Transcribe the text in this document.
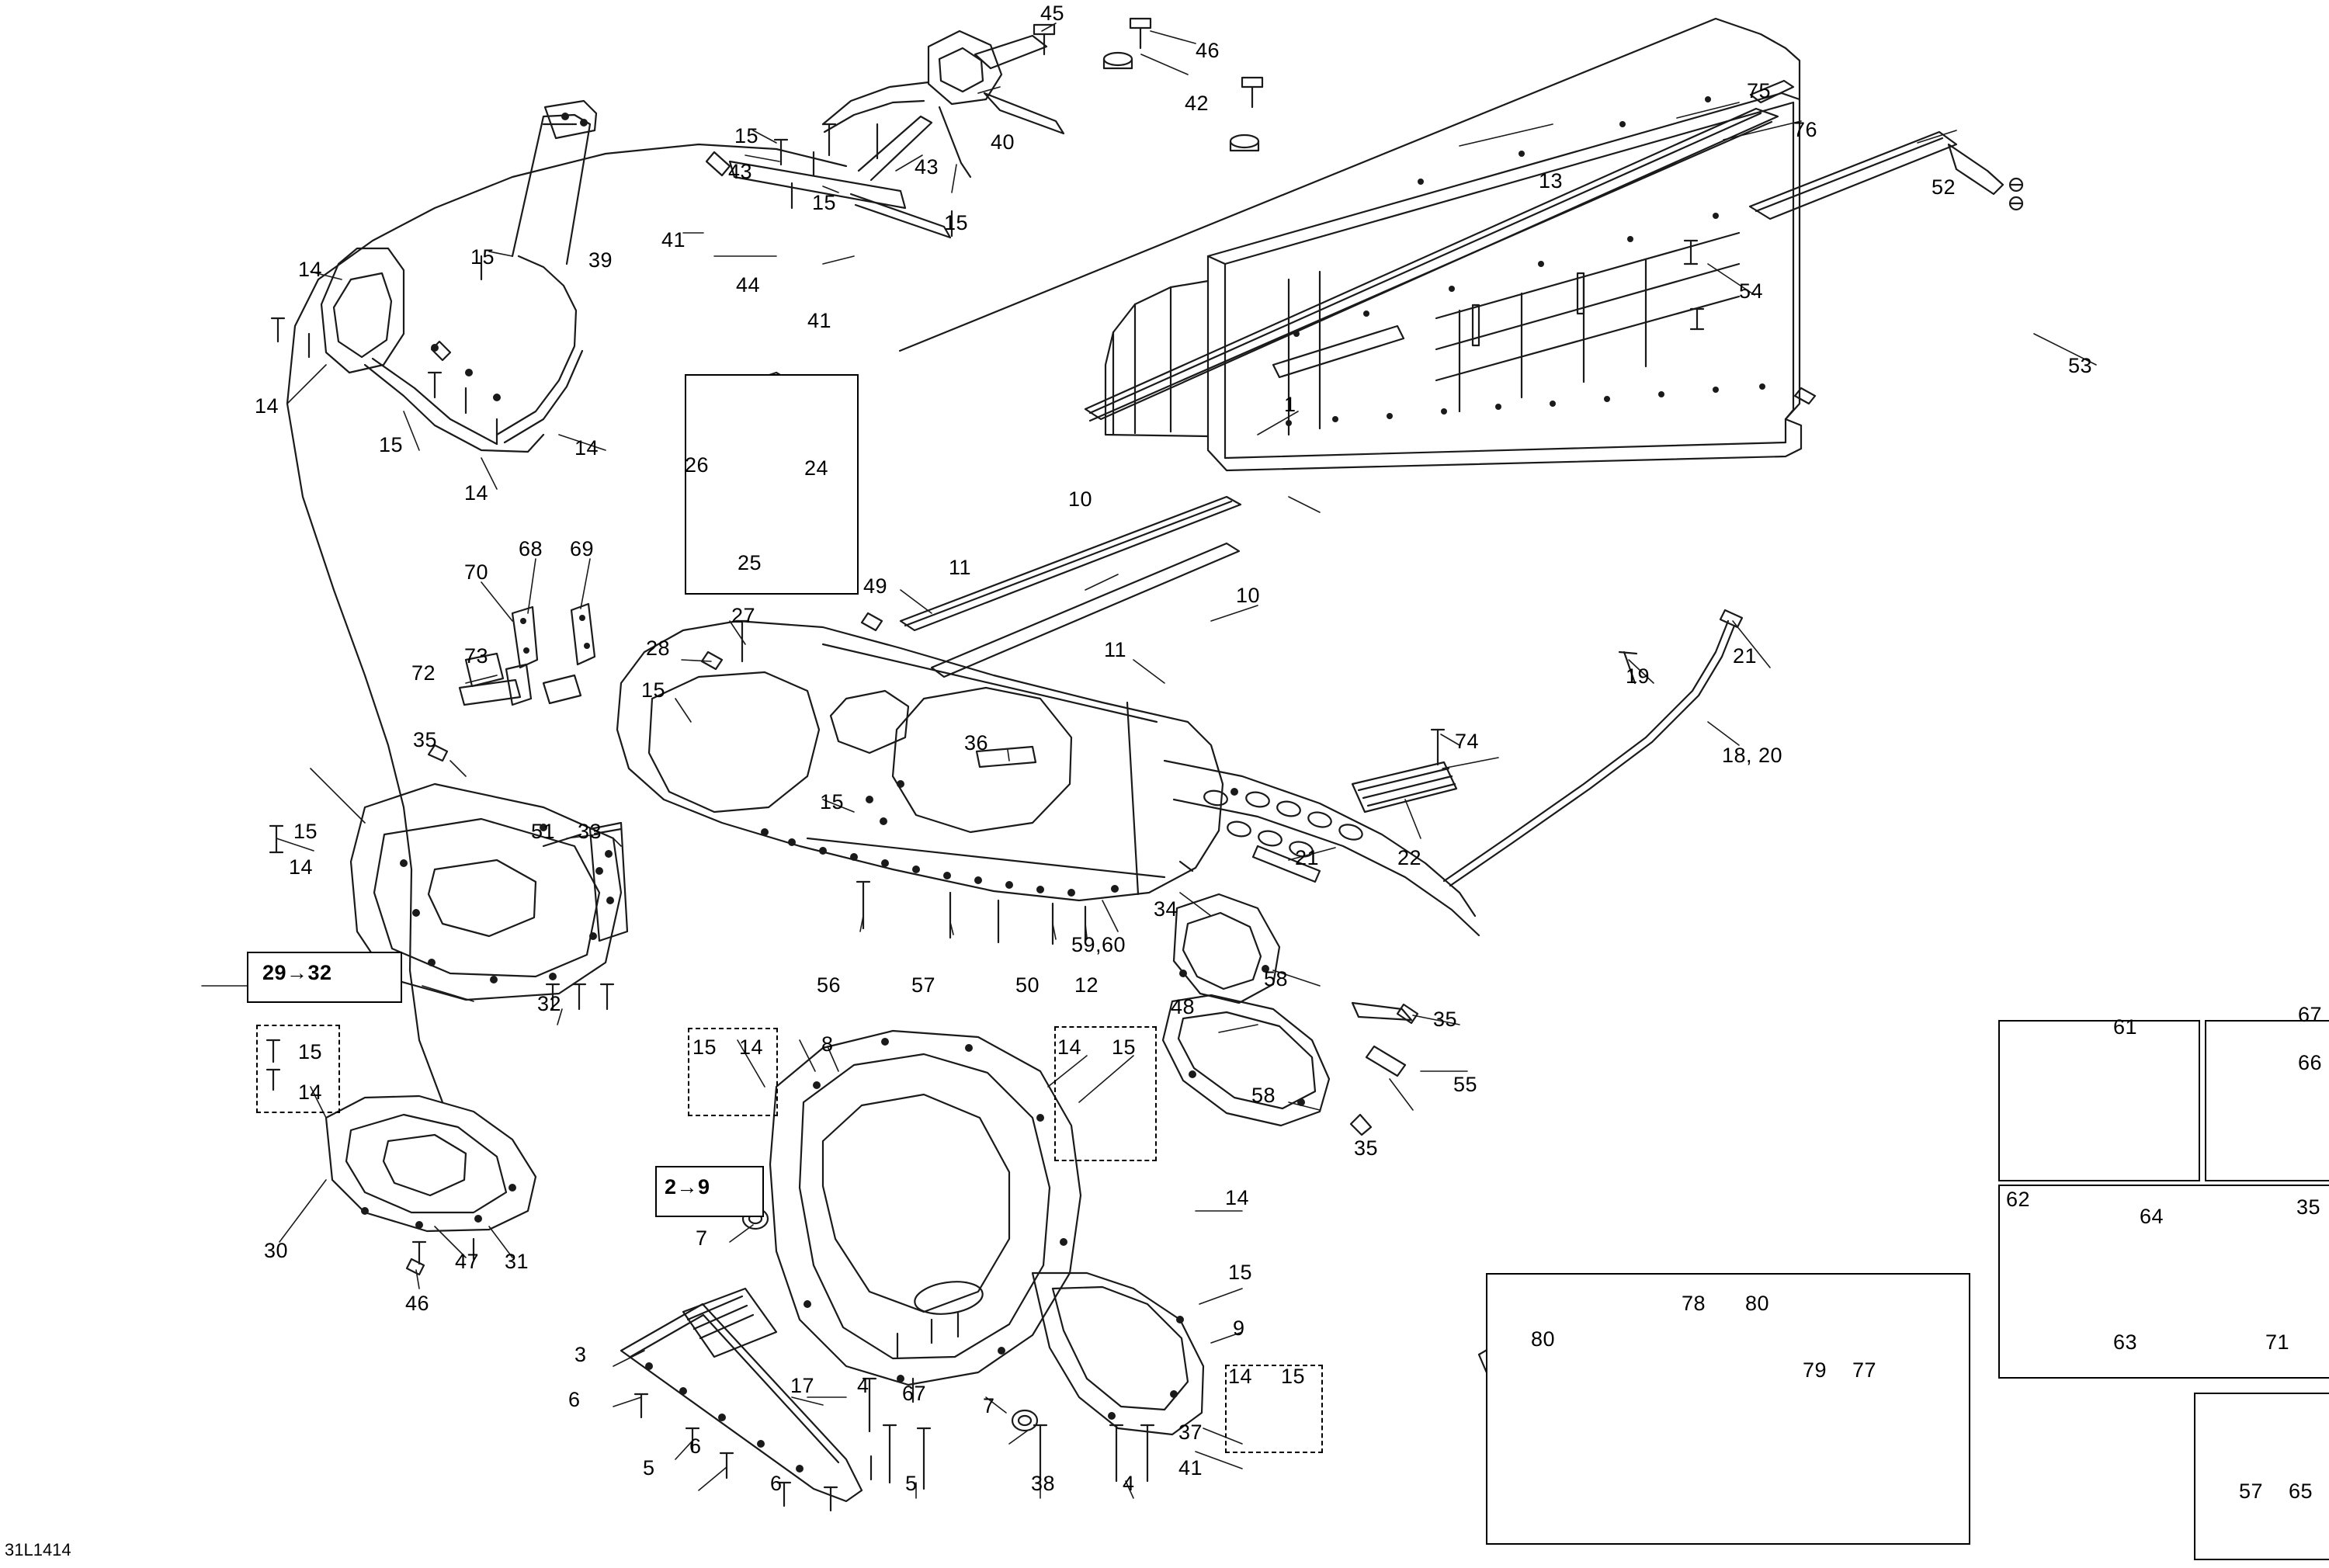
45
46
42
75
76
13	52
15
43	43
40
15
15
41
44
41
39
15
14
14
15	14
14
54
53
1
26	24
25
10
11
10
11
49
68 69
70
73
72
27
28
15
21
19
18, 20
74
36
35
15
14
51 33
15
21	22
29→32
32
56	57	50 12
59,60
34
58
48
58
35
35
55
15
14
30	47 31
46
15 14	8	14 15
2→9
7
14
15
9
3
6
17 4 67
14 15
37
41
5
6
6	5
7
38	4
61
67
66
62
64	35
63	71
78 80
80
79 77
57 65
31L1414
